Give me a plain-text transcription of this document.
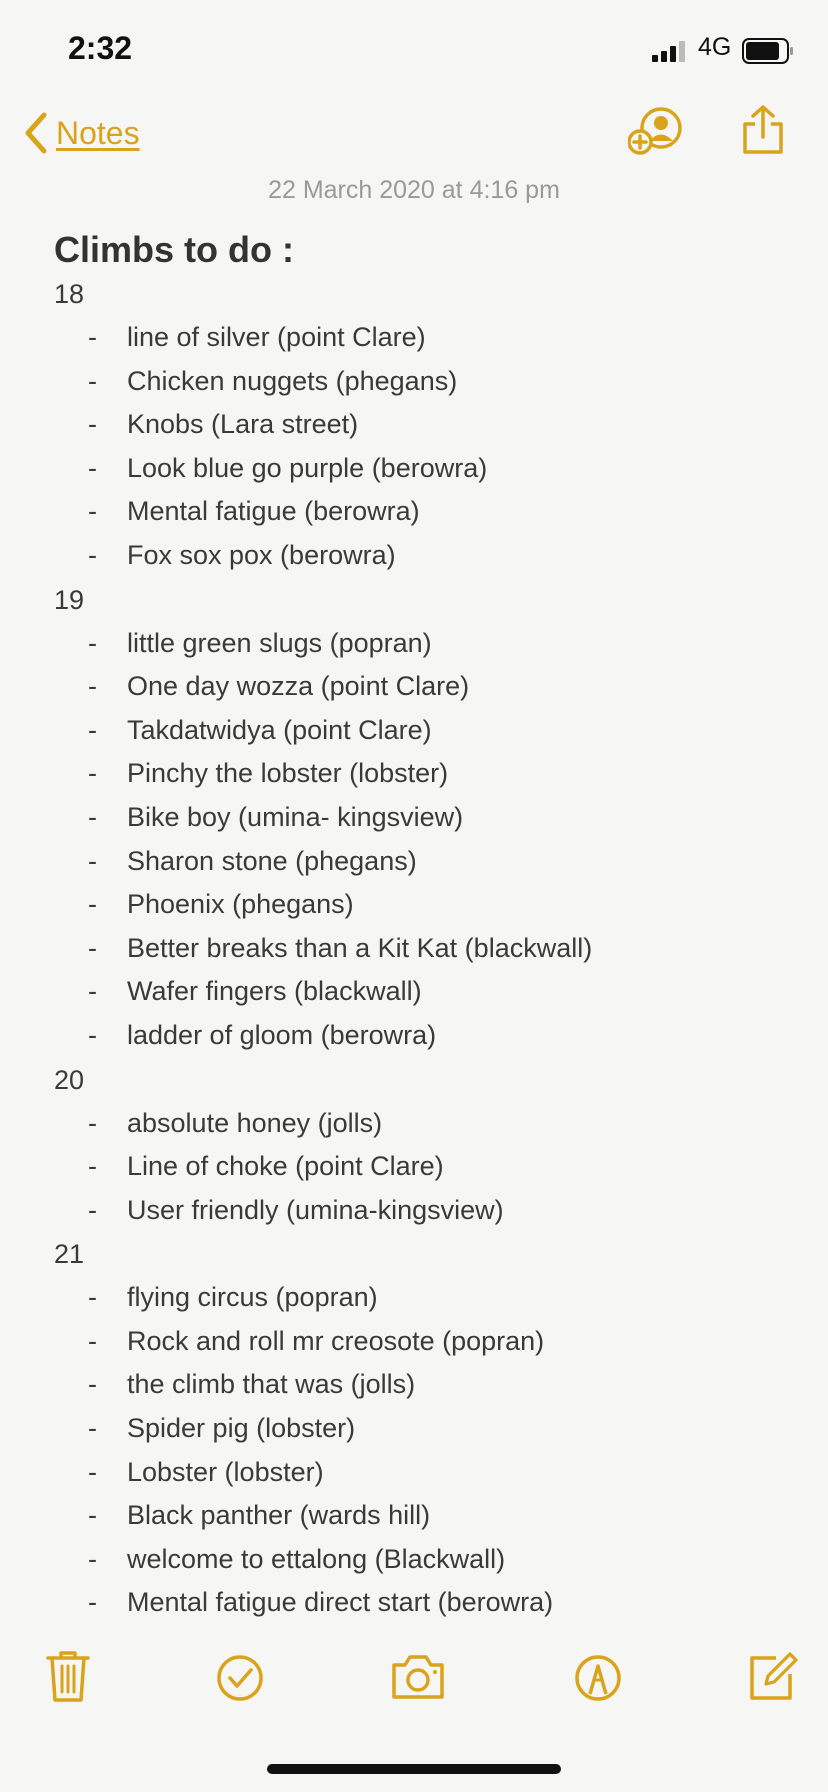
2:32	4G
Notes
22 March 2020 at 4:16 pm
Climbs to do :
18
- line of silver (point Clare)
- Chicken nuggets (phegans)
- Knobs (Lara street)
- Look blue go purple (berowra)
- Mental fatigue (berowra)
- Fox sox pox (berowra)
19
- little green slugs (popran)
- One day wozza (point Clare)
- Takdatwidya (point Clare)
- Pinchy the lobster (lobster)
- Bike boy (umina- kingsview)
- Sharon stone (phegans)
- Phoenix (phegans)
- Better breaks than a Kit Kat (blackwall)
- Wafer fingers (blackwall)
- ladder of gloom (berowra)
20
- absolute honey (jolls)
- Line of choke (point Clare)
- User friendly (umina-kingsview)
21
- flying circus (popran)
- Rock and roll mr creosote (popran)
- the climb that was (jolls)
- Spider pig (lobster)
- Lobster (lobster)
- Black panther (wards hill)
- welcome to ettalong (Blackwall)
- Mental fatigue direct start (berowra)
